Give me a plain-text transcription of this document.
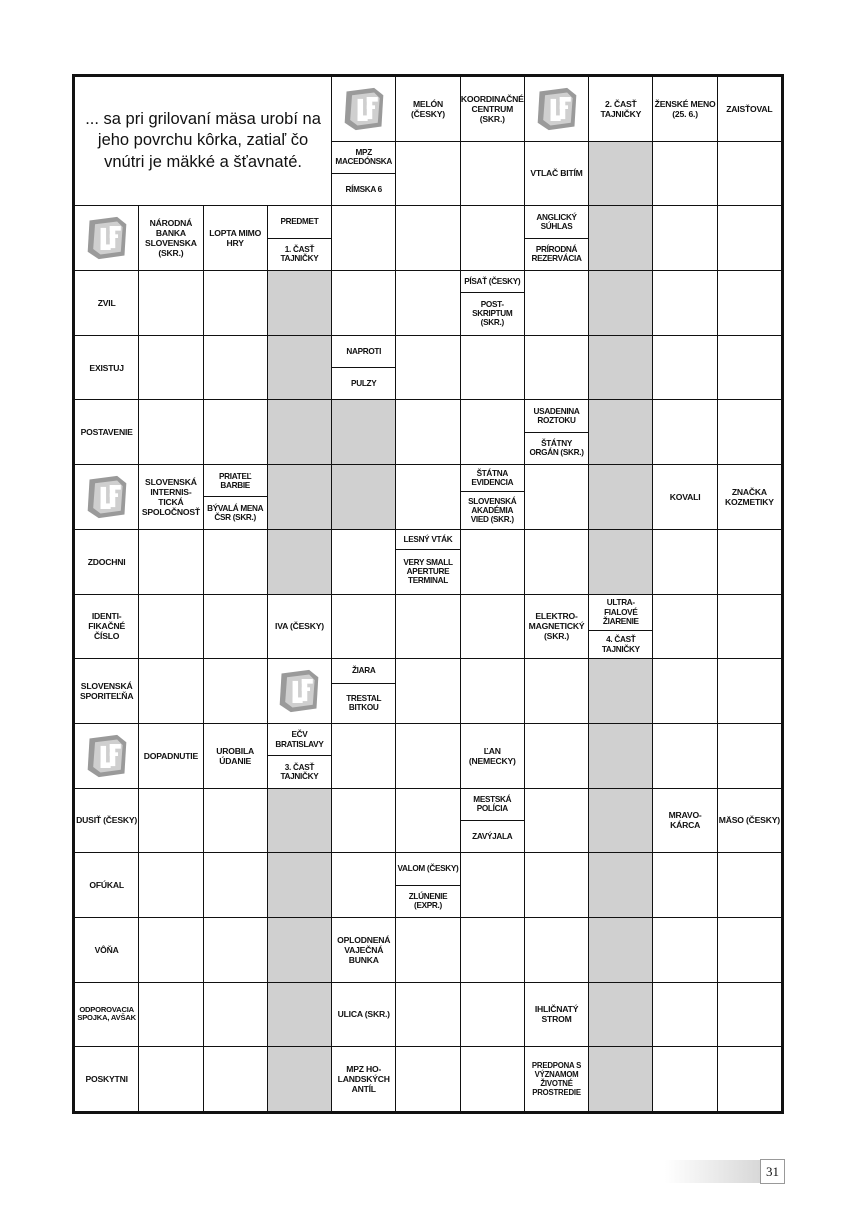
... sa pri grilovaní mäsa urobí na jeho povrchu kôrka, zatiaľ čo vnútri je mäkké a šťavnaté.
MELÓN (ČESKY)
KOORDINAČNÉ CENTRUM (SKR.)
2. ČASŤ TAJNIČKY
ŽENSKÉ MENO (25. 6.)
ZAISŤOVAL
MPZ MACEDÓNSKA
RÍMSKA 6
VTLAČ BITÍM
NÁRODNÁ BANKA SLOVENSKA (SKR.)
LOPTA MIMO HRY
PREDMET
1. ČASŤ TAJNIČKY
ANGLICKÝ SÚHLAS
PRÍRODNÁ REZERVÁCIA
ZVIL
PÍSAŤ (ČESKY)
POST-SKRIPTUM (SKR.)
EXISTUJ
NAPROTI
PULZY
POSTAVENIE
USADENINA ROZTOKU
ŠTÁTNY ORGÁN (SKR.)
SLOVENSKÁ INTERNIS-TICKÁ SPOLOČNOSŤ
PRIATEĽ BARBIE
BÝVALÁ MENA ČSR (SKR.)
ŠTÁTNA EVIDENCIA
SLOVENSKÁ AKADÉMIA VIED (SKR.)
KOVALI
ZNAČKA KOZMETIKY
ZDOCHNI
LESNÝ VTÁK
VERY SMALL APERTURE TERMINAL
IDENTI-FIKAČNÉ ČÍSLO
IVA (ČESKY)
ELEKTRO-MAGNETICKÝ (SKR.)
ULTRA-FIALOVÉ ŽIARENIE
4. ČASŤ TAJNIČKY
SLOVENSKÁ SPORITEĽŇA
ŽIARA
TRESTAL BITKOU
DOPADNUTIE
UROBILA ÚDANIE
EČV BRATISLAVY
3. ČASŤ TAJNIČKY
ĽAN (NEMECKY)
DUSIŤ (ČESKY)
MESTSKÁ POLÍCIA
ZAVÝJALA
MRAVO-KÁRCA
MÄSO (ČESKY)
OFÚKAL
VALOM (ČESKY)
ZLÚNENIE (EXPR.)
VÔŇA
OPLODNENÁ VAJEČNÁ BUNKA
ODPOROVACIA SPOJKA, AVŠAK	ULICA (SKR.)
IHLIČNATÝ STROM
POSKYTNI
MPZ HO-LANDSKÝCH ANTÍL
PREDPONA S VÝZNAMOM ŽIVOTNÉ PROSTREDIE
31
